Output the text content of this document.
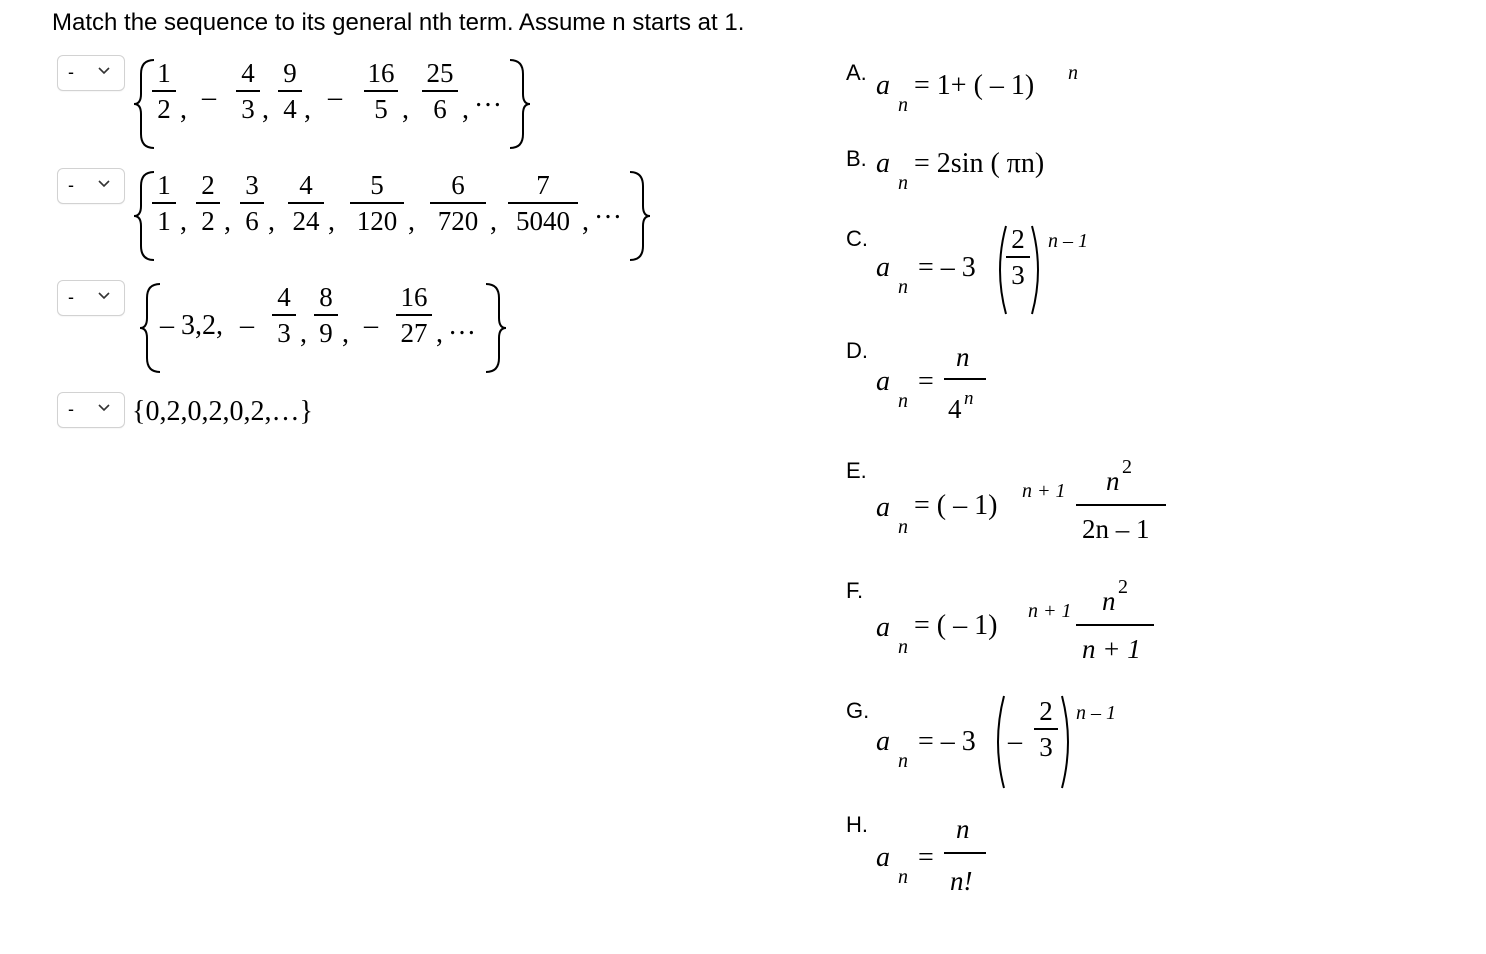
Match the sequence to its general nth term. Assume n starts at 1.
-
-
-
-
1
2 , –
4
3 ,
9
4 , –
16
5 ,
25
6 , …
1
1 ,
2
2 ,
3
6 ,
4
24 ,
5
120 ,
6
720 ,
7
5040 , …
– 3,2, –
4
3 ,
8
9 , –
16
27 , …
{0,2,0,2,0,2,…}
A. a
n
= 1+ ( – 1) n
B. a
n
= 2sin ( πn)
C.
a
n
= – 3
2
3
n – 1
D.
a
n
=
n
4 n
E.
a
n
= ( – 1) n + 1 n 2
2n – 1
F.
a
n
= ( – 1) n + 1 n 2
n + 1
G.
a
n
= – 3 –
2
3
n – 1
H.
a
n
=
n
n!
